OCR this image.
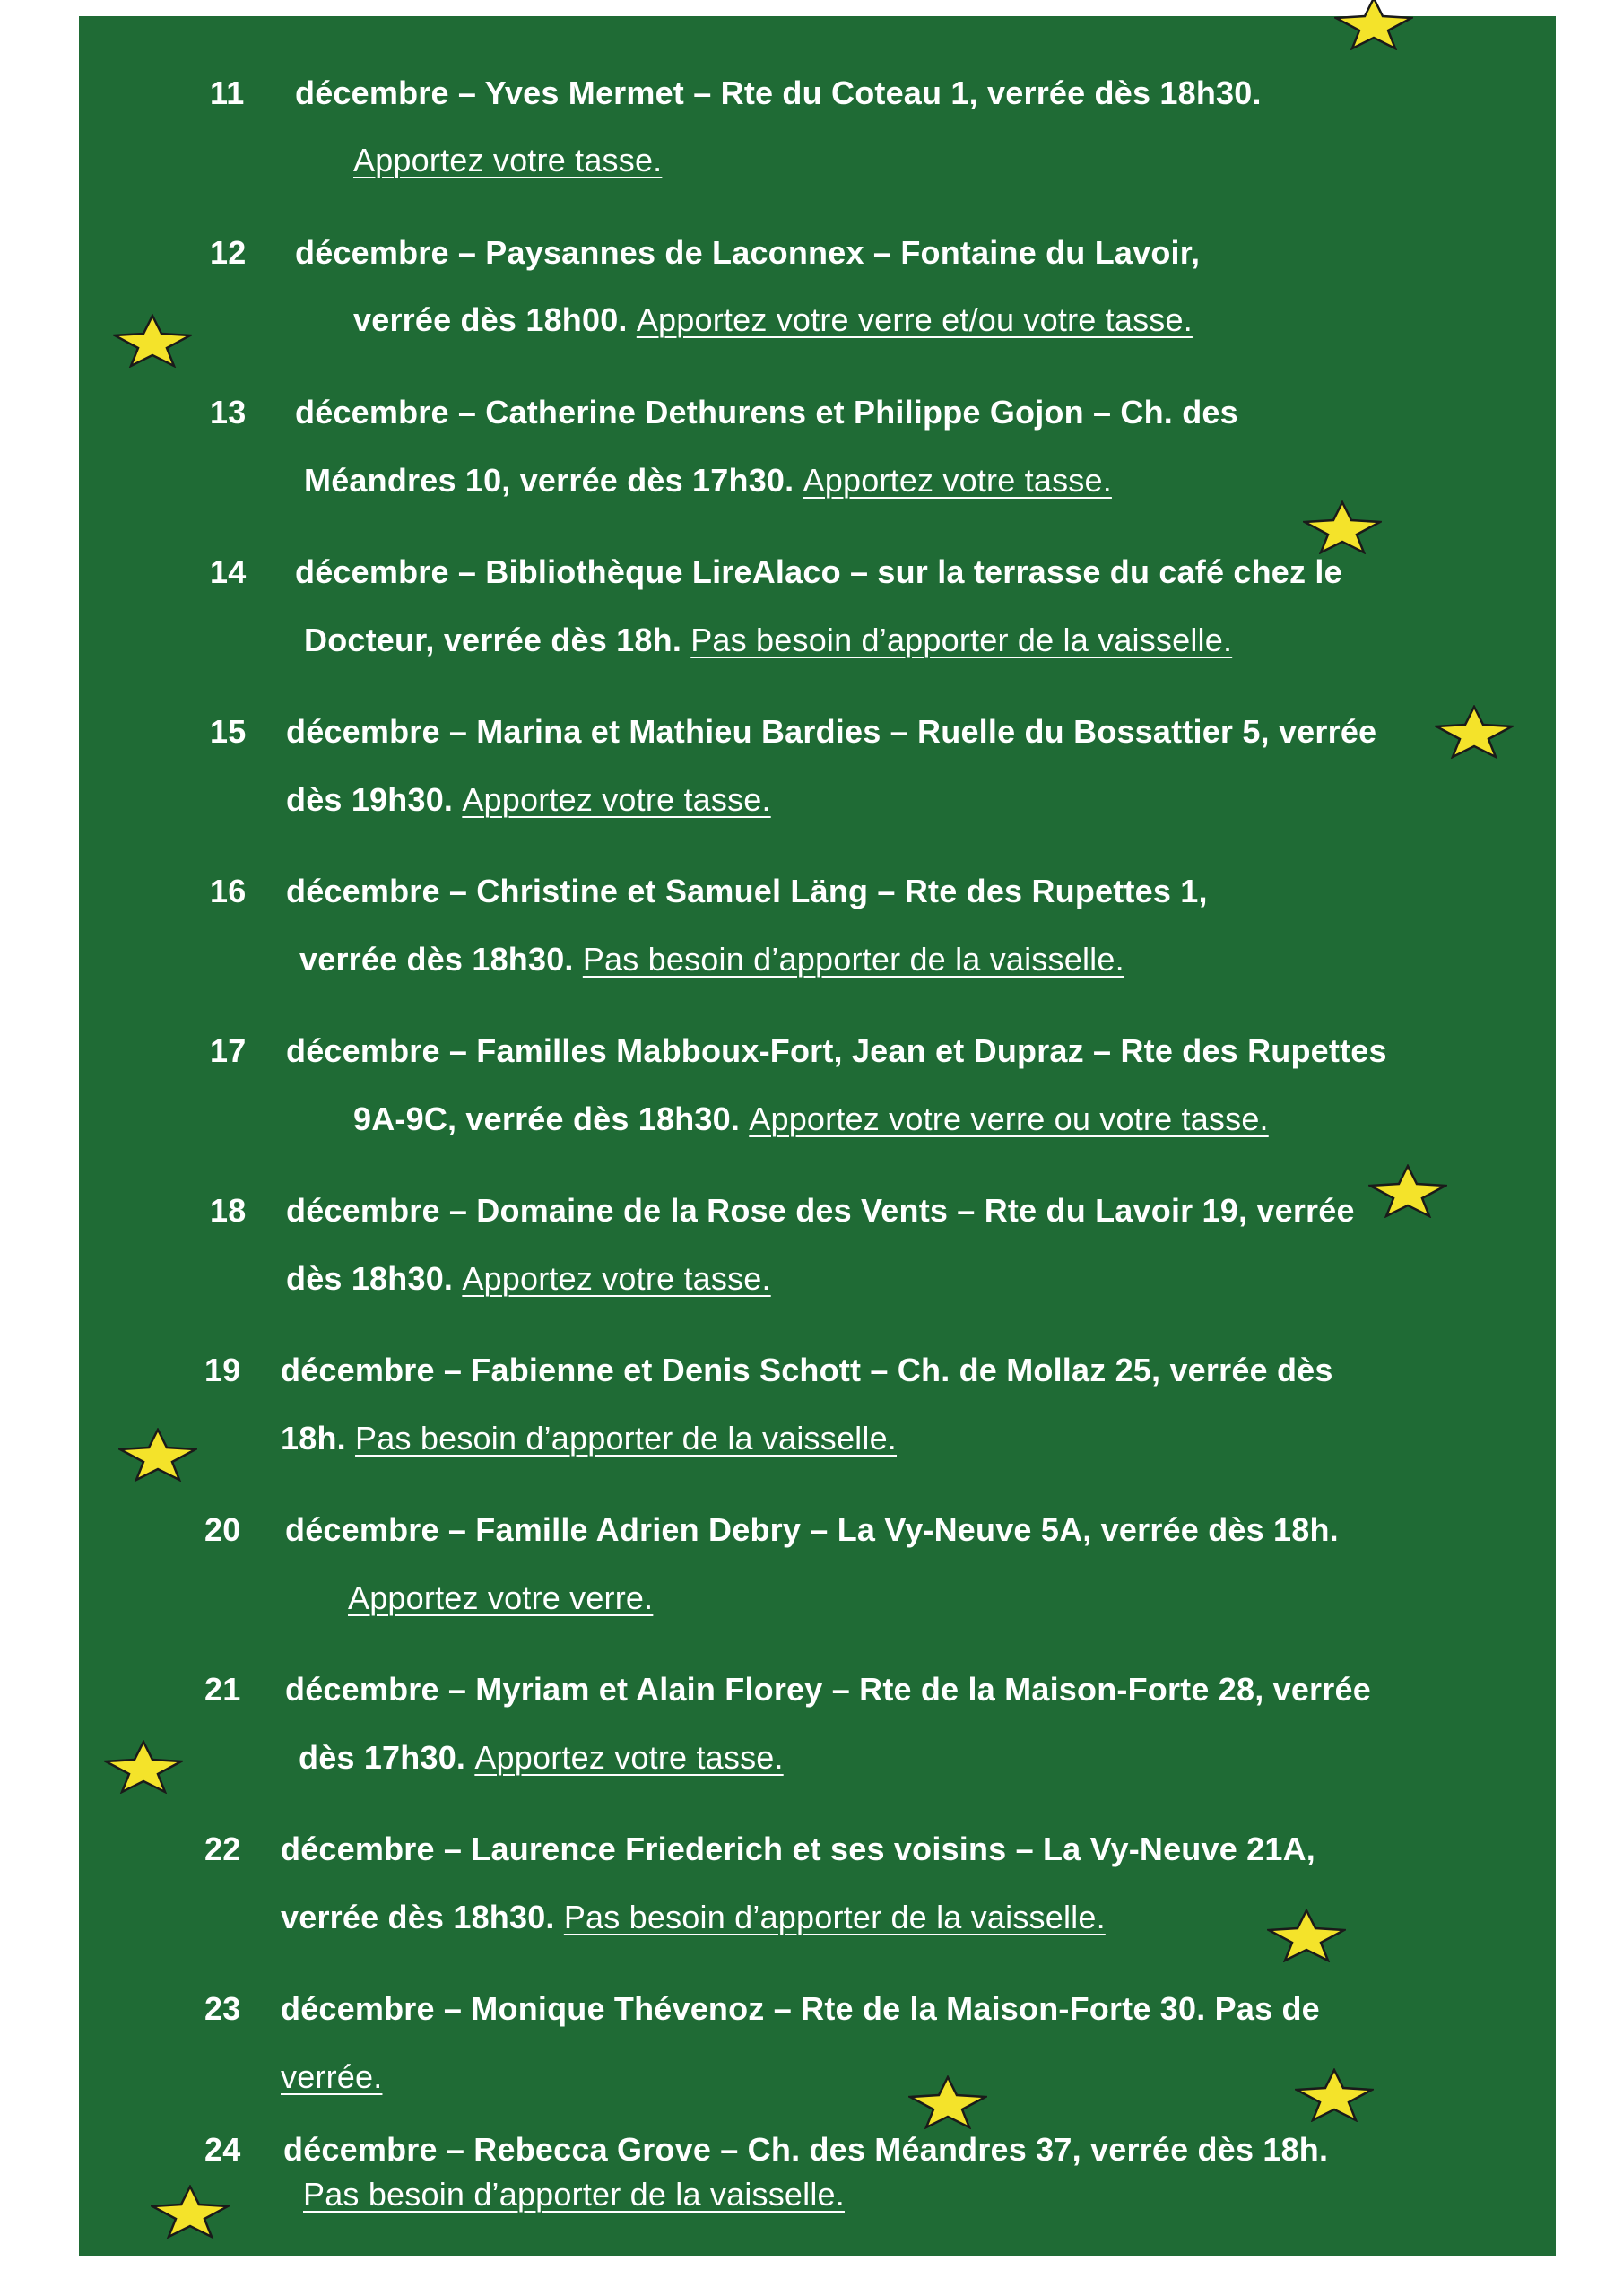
11 décembre – Yves Mermet – Rte du Coteau 1, verrée dès 18h30.
Apportez votre tasse.
12 décembre – Paysannes de Laconnex – Fontaine du Lavoir,
verrée dès 18h00. Apportez votre verre et/ou votre tasse.
13 décembre – Catherine Dethurens et Philippe Gojon – Ch. des
Méandres 10, verrée dès 17h30. Apportez votre tasse.
14 décembre – Bibliothèque LireAlaco – sur la terrasse du café chez le
Docteur, verrée dès 18h. Pas besoin d’apporter de la vaisselle.
15 décembre – Marina et Mathieu Bardies – Ruelle du Bossattier 5, verrée
dès 19h30. Apportez votre tasse.
16 décembre – Christine et Samuel Läng – Rte des Rupettes 1,
verrée dès 18h30. Pas besoin d’apporter de la vaisselle.
17 décembre – Familles Mabboux-Fort, Jean et Dupraz – Rte des Rupettes
9A-9C, verrée dès 18h30. Apportez votre verre ou votre tasse.
18 décembre – Domaine de la Rose des Vents – Rte du Lavoir 19, verrée
dès 18h30. Apportez votre tasse.
19 décembre – Fabienne et Denis Schott – Ch. de Mollaz 25, verrée dès
18h. Pas besoin d’apporter de la vaisselle.
20 décembre – Famille Adrien Debry – La Vy-Neuve 5A, verrée dès 18h.
Apportez votre verre.
21 décembre – Myriam et Alain Florey – Rte de la Maison-Forte 28, verrée
dès 17h30. Apportez votre tasse.
22 décembre – Laurence Friederich et ses voisins – La Vy-Neuve 21A,
verrée dès 18h30. Pas besoin d’apporter de la vaisselle.
23 décembre – Monique Thévenoz – Rte de la Maison-Forte 30. Pas de
verrée.
24 décembre – Rebecca Grove – Ch. des Méandres 37, verrée dès 18h.
Pas besoin d’apporter de la vaisselle.
